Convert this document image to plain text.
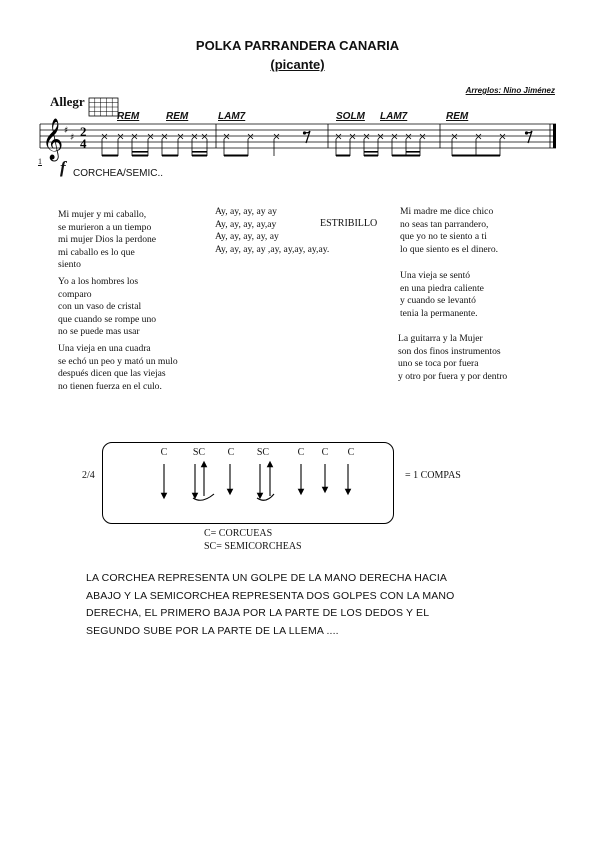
POLKA PARRANDERA CANARIA
(picante)
Arreglos: Nino Jiménez
Allegr
𝄞 ♯
♯ 2
4
REM	REM	LAM7	SOLM LAM7	REM
1 f CORCHEA/SEMIC..
Mi mujer y mi caballo,
se murieron a un tiempo
mi mujer Dios la perdone
mi caballo es lo que
siento
Yo a los hombres los
comparo
con un vaso de cristal
que cuando se rompe uno
no se puede mas usar
Una vieja en una cuadra
se echó un peo y mató un mulo
después dicen que las viejas
no tienen fuerza en el culo.
Ay, ay, ay, ay ay
Ay, ay, ay, ay,ay
Ay, ay, ay, ay, ay
Ay, ay, ay, ay ,ay, ay,ay, ay,ay.
ESTRIBILLO
Mi madre me dice chico
no seas tan parrandero,
que yo no te siento a ti
lo que siento es el dinero.
Una vieja se sentó
en una piedra caliente
y cuando se levantó
tenia la permanente.
La guitarra y la Mujer
son dos finos instrumentos
uno se toca por fuera
y otro por fuera y por dentro
2/4
C	SC	C	SC	C	C	C
= 1 COMPAS
C= CORCUEAS
SC= SEMICORCHEAS
LA CORCHEA REPRESENTA UN GOLPE DE LA MANO DERECHA HACIA ABAJO Y LA SEMICORCHEA REPRESENTA DOS GOLPES CON LA MANO DERECHA, EL PRIMERO BAJA POR LA PARTE DE LOS DEDOS Y EL SEGUNDO SUBE POR LA PARTE DE LA LLEMA ....
